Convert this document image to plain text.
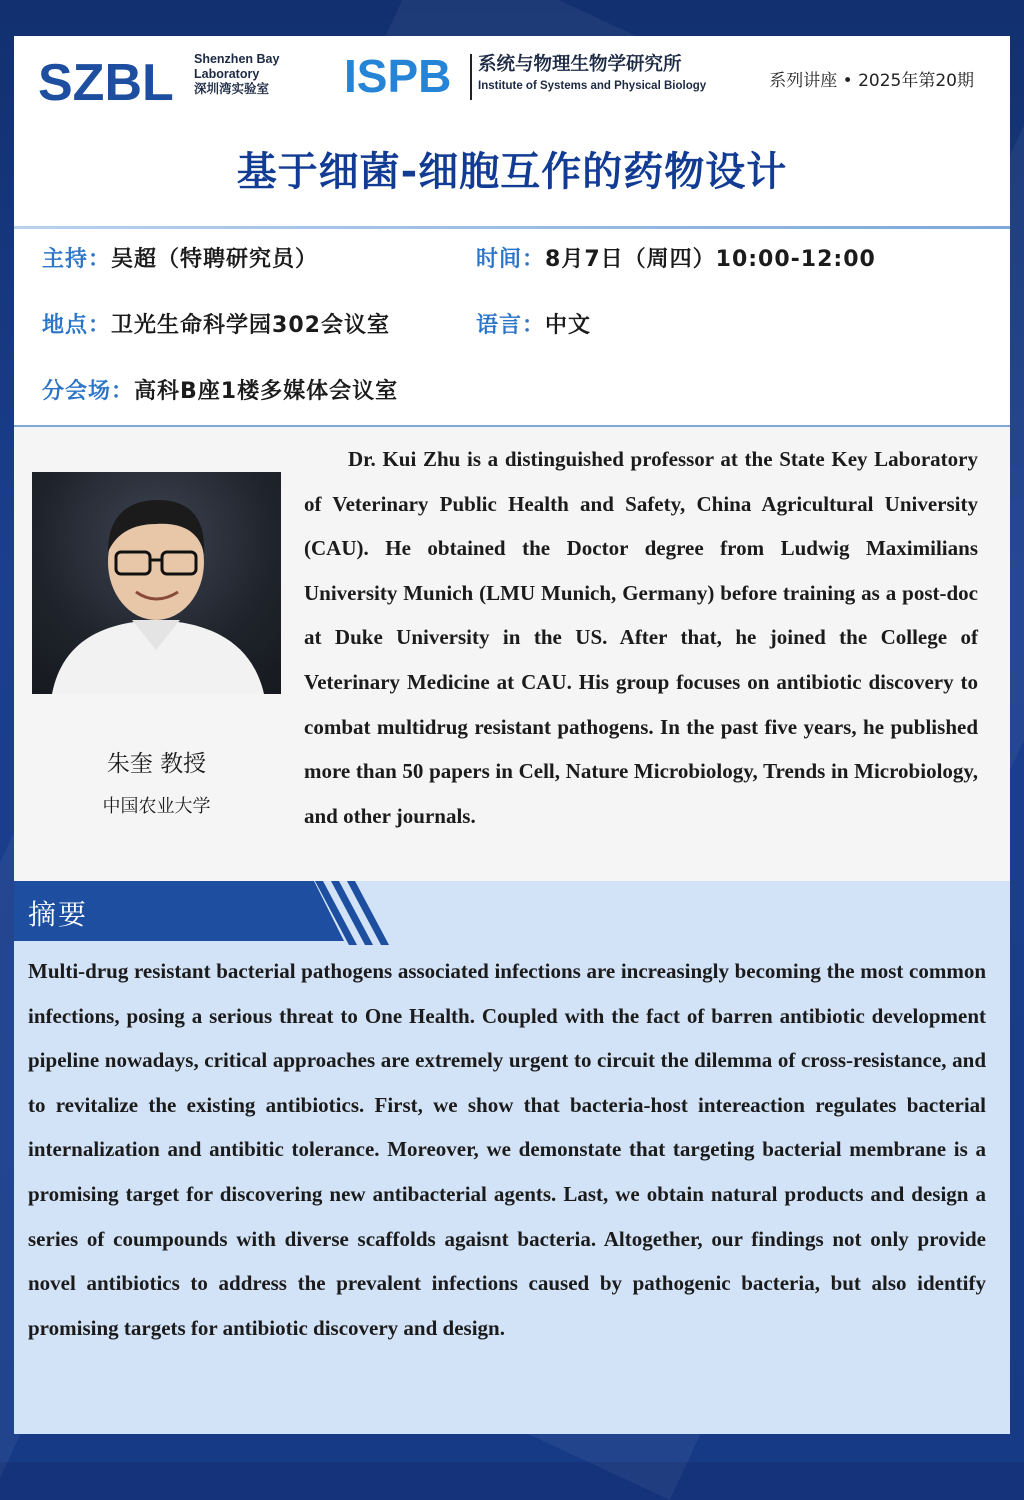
SZBL Shenzhen Bay
Laboratory
深圳湾实验室 ISPB 系统与物理生物学研究所
Institute of Systems and Physical Biology	系列讲座 • 2025年第20期
基于细菌-细胞互作的药物设计
主持：吴超（特聘研究员）	时间：8月7日（周四）10:00-12:00
地点：卫光生命科学园302会议室	语言：中文
分会场：高科B座1楼多媒体会议室
朱奎 教授
中国农业大学
Dr. Kui Zhu is a distinguished professor at the State Key Laboratory of Veterinary Public Health and Safety, China Agricultural University (CAU). He obtained the Doctor degree from Ludwig Maximilians University Munich (LMU Munich, Germany) before training as a post-doc at Duke University in the US. After that, he joined the College of Veterinary Medicine at CAU. His group focuses on antibiotic discovery to combat multidrug resistant pathogens. In the past five years, he published more than 50 papers in Cell, Nature Microbiology, Trends in Microbiology, and other journals.
摘要
Multi-drug resistant bacterial pathogens associated infections are increasingly becoming the most common infections, posing a serious threat to One Health. Coupled with the fact of barren antibiotic development pipeline nowadays, critical approaches are extremely urgent to circuit the dilemma of cross-resistance, and to revitalize the existing antibiotics. First, we show that bacteria-host intereaction regulates bacterial internalization and antibitic tolerance. Moreover, we demonstate that targeting bacterial membrane is a promising target for discovering new antibacterial agents. Last, we obtain natural products and design a series of coumpounds with diverse scaffolds agaisnt bacteria. Altogether, our findings not only provide novel antibiotics to address the prevalent infections caused by pathogenic bacteria, but also identify promising targets for antibiotic discovery and design.
